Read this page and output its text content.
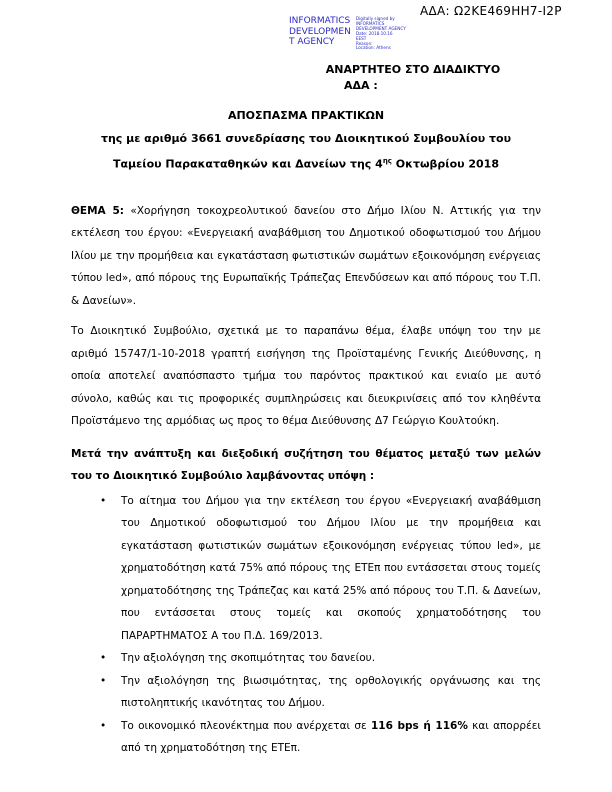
ΑΔΑ: Ω2ΚΕ469ΗΗ7-Ι2Ρ
INFORMATICS
DEVELOPMEN
T AGENCY
Digitally signed by
INFORMATICS
DEVELOPMENT AGENCY
Date: 2018.10.16
EEST
Reason:
Location: Athens
ΑΝΑΡΤΗΤΕΟ ΣΤΟ ΔΙΑΔΙΚΤΥΟ
ΑΔΑ :
ΑΠΟΣΠΑΣΜΑ ΠΡΑΚΤΙΚΩΝ
της με αριθμό 3661 συνεδρίασης του Διοικητικού Συμβουλίου του
Ταμείου Παρακαταθηκών και Δανείων της $4^{\eta\varsigma}$ Οκτωβρίου 2018
ΘΕΜΑ 5: «Χορήγηση τοκοχρεολυτικού δανείου στο Δήμο Ιλίου Ν. Αττικής για την εκτέλεση του έργου: «Ενεργειακή αναβάθμιση του Δημοτικού οδοφωτισμού του Δήμου Ιλίου με την προμήθεια και εγκατάσταση φωτιστικών σωμάτων εξοικονόμηση ενέργειας τύπου led», από πόρους της Ευρωπαϊκής Τράπεζας Επενδύσεων και από πόρους του Τ.Π. & Δανείων».
Το Διοικητικό Συμβούλιο, σχετικά με το παραπάνω θέμα, έλαβε υπόψη του την με αριθμό 15747/1-10-2018 γραπτή εισήγηση της Προϊσταμένης Γενικής Διεύθυνσης, η οποία αποτελεί αναπόσπαστο τμήμα του παρόντος πρακτικού και ενιαίο με αυτό σύνολο, καθώς και τις προφορικές συμπληρώσεις και διευκρινίσεις από τον κληθέντα Προϊστάμενο της αρμόδιας ως προς το θέμα Διεύθυνσης Δ7 Γεώργιο Κουλτούκη.
Μετά την ανάπτυξη και διεξοδική συζήτηση του θέματος μεταξύ των μελών του το Διοικητικό Συμβούλιο λαμβάνοντας υπόψη :
• Το αίτημα του Δήμου για την εκτέλεση του έργου «Ενεργειακή αναβάθμιση του Δημοτικού οδοφωτισμού του Δήμου Ιλίου με την προμήθεια και εγκατάσταση φωτιστικών σωμάτων εξοικονόμηση ενέργειας τύπου led», με χρηματοδότηση κατά 75% από πόρους της ΕΤΕπ που εντάσσεται στους τομείς χρηματοδότησης της Τράπεζας και κατά 25% από πόρους του Τ.Π. & Δανείων, που εντάσσεται στους τομείς και σκοπούς χρηματοδότησης του ΠΑΡΑΡΤΗΜΑΤΟΣ Α του Π.Δ. 169/2013.
• Την αξιολόγηση της σκοπιμότητας του δανείου.
• Την αξιολόγηση της βιωσιμότητας, της ορθολογικής οργάνωσης και της πιστοληπτικής ικανότητας του Δήμου.
• Το οικονομικό πλεονέκτημα που ανέρχεται σε 116 bps ή 116% και απορρέει από τη χρηματοδότηση της ΕΤΕπ.
